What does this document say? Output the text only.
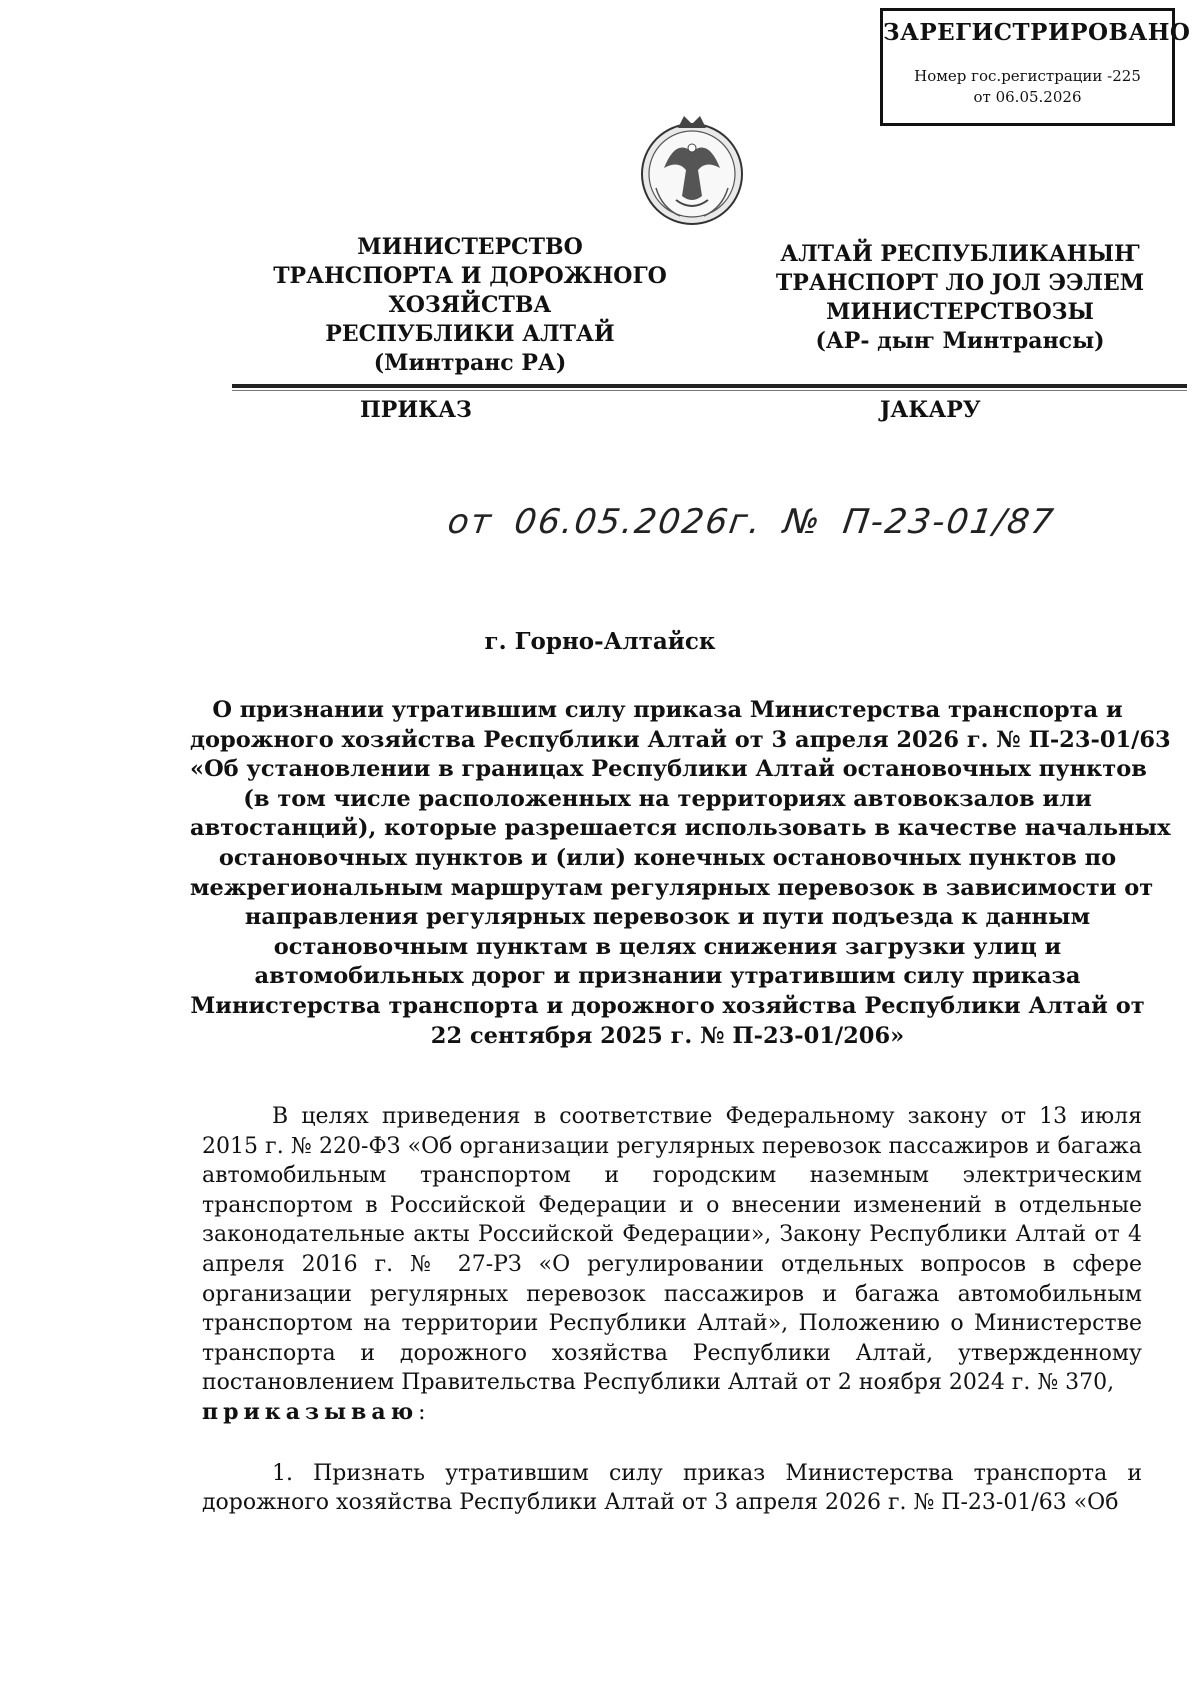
ЗАРЕГИСТРИРОВАНО
Номер гос.регистрации -225
от 06.05.2026
МИНИСТЕРСТВО
ТРАНСПОРТА И ДОРОЖНОГО ХОЗЯЙСТВА
РЕСПУБЛИКИ АЛТАЙ
(Минтранс РА)
АЛТАЙ РЕСПУБЛИКАНЫҤ
ТРАНСПОРТ ЛО JОЛ ЭЭЛЕМ
МИНИСТЕРСТВОЗЫ
(АР- дыҥ Минтрансы)
ПРИКАЗ	JАКАРУ
от 06.05.2026г. № П-23-01/87
г. Горно-Алтайск
О признании утратившим силу приказа Министерства транспорта и
дорожного хозяйства Республики Алтай от 3 апреля 2026 г. № П-23-01/63
«Об установлении в границах Республики Алтай остановочных пунктов
(в том числе расположенных на территориях автовокзалов или
автостанций), которые разрешается использовать в качестве начальных
остановочных пунктов и (или) конечных остановочных пунктов по
межрегиональным маршрутам регулярных перевозок в зависимости от
направления регулярных перевозок и пути подъезда к данным
остановочным пунктам в целях снижения загрузки улиц и
автомобильных дорог и признании утратившим силу приказа
Министерства транспорта и дорожного хозяйства Республики Алтай от
22 сентября 2025 г. № П-23-01/206»

В целях приведения в соответствие Федеральному закону от 13 июля 2015 г. № 220-ФЗ «Об организации регулярных перевозок пассажиров и багажа автомобильным транспортом и городским наземным электрическим транспортом в Российской Федерации и о внесении изменений в отдельные законодательные акты Российской Федерации», Закону Республики Алтай от 4 апреля 2016 г. № 27-РЗ «О регулировании отдельных вопросов в сфере организации регулярных перевозок пассажиров и багажа автомобильным транспортом на территории Республики Алтай», Положению о Министерстве транспорта и дорожного хозяйства Республики Алтай, утвержденному постановлением Правительства Республики Алтай от 2 ноября 2024 г. № 370,
приказываю:

1. Признать утратившим силу приказ Министерства транспорта и дорожного хозяйства Республики Алтай от 3 апреля 2026 г. № П-23-01/63 «Об
